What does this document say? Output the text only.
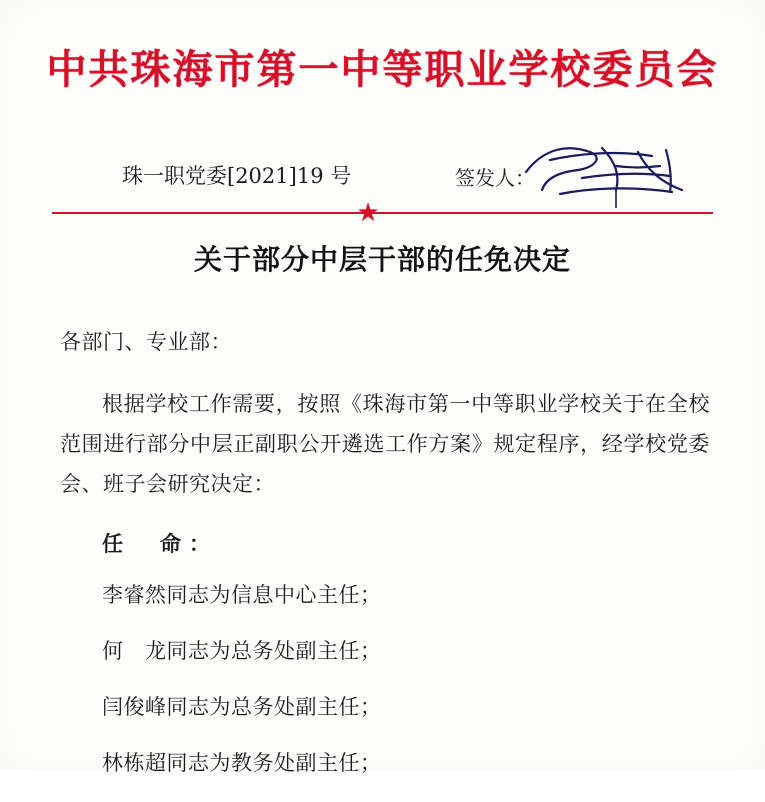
中共珠海市第一中等职业学校委员会
珠一职党委[2021]19 号	签发人：
★
关于部分中层干部的任免决定

各部门、专业部：

根据学校工作需要，按照《珠海市第一中等职业学校关于在全校范围进行部分中层正副职公开遴选工作方案》规定程序，经学校党委会、班子会研究决定：

任　命：

李睿然同志为信息中心主任；

何　龙同志为总务处副主任；

闫俊峰同志为总务处副主任；

林栋超同志为教务处副主任；
